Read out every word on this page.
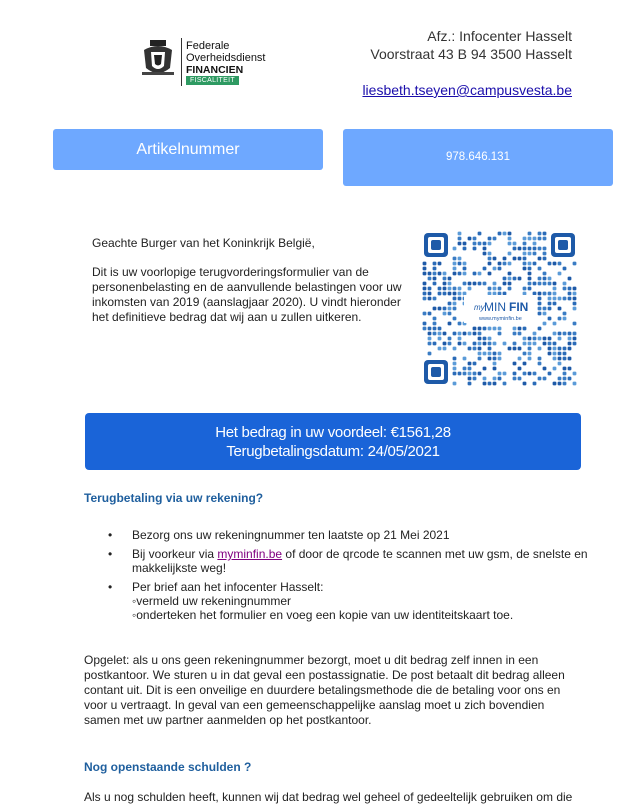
Federale
Overheidsdienst
FINANCIEN
FISCALITEIT
Afz.: Infocenter Hasselt
Voorstraat 43 B 94 3500 Hasselt
liesbeth.tseyen@campusvesta.be
Artikelnummer	978.646.131
Geachte Burger van het Koninkrijk België,
Dit is uw voorlopige terugvorderingsformulier van de personenbelasting en de aanvullende belastingen voor uw inkomsten van 2019 (aanslagjaar 2020). U vindt hieronder het definitieve bedrag dat wij aan u zullen uitkeren.
my MIN FIN
www.myminfin.be
Het bedrag in uw voordeel: €1561,28
Terugbetalingsdatum: 24/05/2021
Terugbetaling via uw rekening?
• Bezorg ons uw rekeningnummer ten laatste op 21 Mei 2021
• Bij voorkeur via myminfin.be of door de qrcode te scannen met uw gsm, de snelste en makkelijkste weg!
• Per brief aan het infocenter Hasselt:
◦vermeld uw rekeningnummer
◦onderteken het formulier en voeg een kopie van uw identiteitskaart toe.
Opgelet: als u ons geen rekeningnummer bezorgt, moet u dit bedrag zelf innen in een postkantoor. We sturen u in dat geval een postassignatie. De post betaalt dit bedrag alleen contant uit. Dit is een onveilige en duurdere betalingsmethode die de betaling voor ons en voor u vertraagt. In geval van een gemeenschappelijke aanslag moet u zich bovendien samen met uw partner aanmelden op het postkantoor.
Nog openstaande schulden ?
Als u nog schulden heeft, kunnen wij dat bedrag wel geheel of gedeeltelijk gebruiken om die
